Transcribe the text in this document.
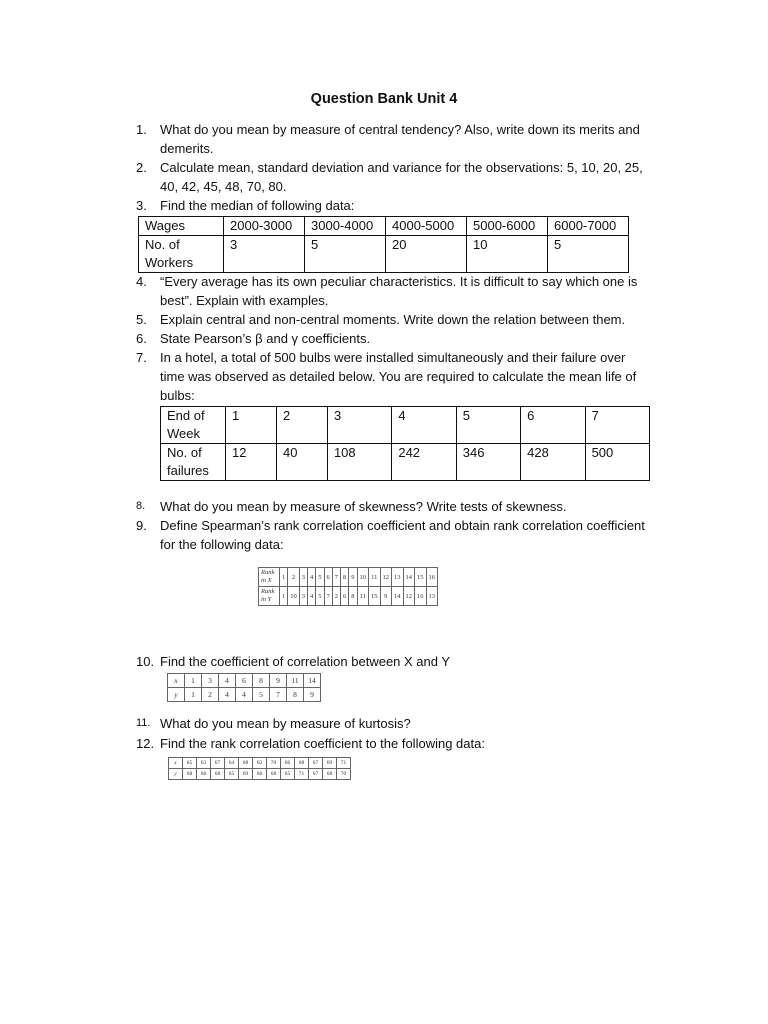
Question Bank Unit 4
1.	What do you mean by measure of central tendency? Also, write down its merits and demerits.
2.	Calculate mean, standard deviation and variance for the observations: 5, 10, 20, 25, 40, 42, 45, 48, 70, 80.
3.	Find the median of following data:
Wages	2000-3000	3000-4000	4000-5000	5000-6000	6000-7000
No. of Workers	3	5	20	10	5
4.	“Every average has its own peculiar characteristics. It is difficult to say which one is best”. Explain with examples.
5.	Explain central and non-central moments. Write down the relation between them.
6.	State Pearson’s β and γ coefficients.
7.	In a hotel, a total of 500 bulbs were installed simultaneously and their failure over time was observed as detailed below. You are required to calculate the mean life of bulbs:
End of Week	1	2	3	4	5	6	7
No. of failures	12	40	108	242	346	428	500
8.	What do you mean by measure of skewness? Write tests of skewness.
9.	Define Spearman’s rank correlation coefficient and obtain rank correlation coefficient for the following data:
Rank in X	1	2	3	4	5	6	7	8	9	10	11	12	13	14	15	16
Rank in Y	1	10	3	4	5	7	2	6	8	11	15	9	14	12	16	13
10. Find the coefficient of correlation between X and Y
x	1	3	4	6	8	9	11	14
y	1	2	4	4	5	7	8	9
11. What do you mean by measure of kurtosis?
12. Find the rank correlation coefficient to the following data:
x	65	63	67	64	68	62	70	66	68	67	69	71
y	68	66	68	65	69	66	68	65	71	67	68	70
